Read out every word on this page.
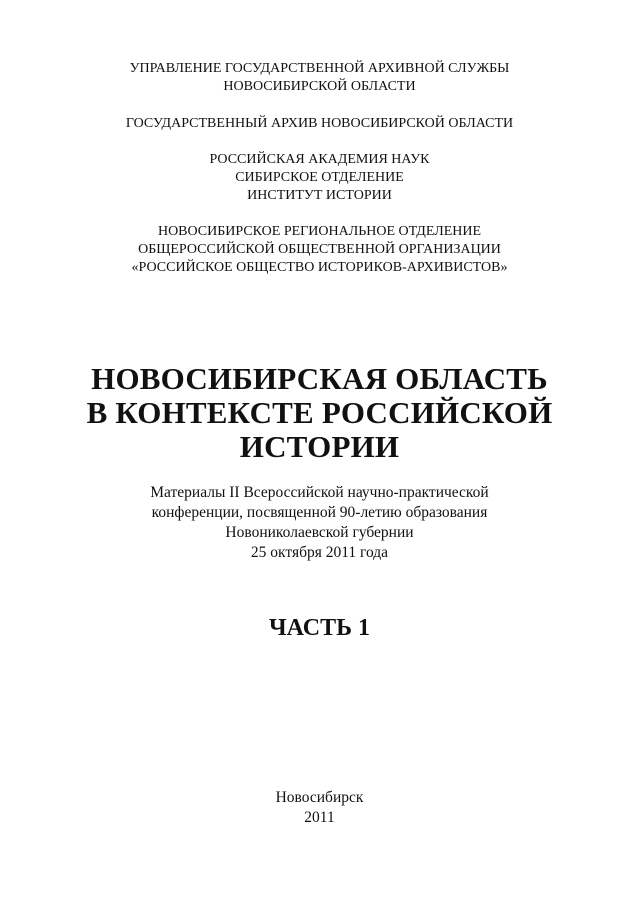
УПРАВЛЕНИЕ ГОСУДАРСТВЕННОЙ АРХИВНОЙ СЛУЖБЫ
НОВОСИБИРСКОЙ ОБЛАСТИ
ГОСУДАРСТВЕННЫЙ АРХИВ НОВОСИБИРСКОЙ ОБЛАСТИ
РОССИЙСКАЯ АКАДЕМИЯ НАУК
СИБИРСКОЕ ОТДЕЛЕНИЕ
ИНСТИТУТ ИСТОРИИ
НОВОСИБИРСКОЕ РЕГИОНАЛЬНОЕ ОТДЕЛЕНИЕ
ОБЩЕРОССИЙСКОЙ ОБЩЕСТВЕННОЙ ОРГАНИЗАЦИИ
«РОССИЙСКОЕ ОБЩЕСТВО ИСТОРИКОВ-АРХИВИСТОВ»
НОВОСИБИРСКАЯ ОБЛАСТЬ
В КОНТЕКСТЕ РОССИЙСКОЙ
ИСТОРИИ
Материалы II Всероссийской научно-практической
конференции, посвященной 90-летию образования
Новониколаевской губернии
25 октября 2011 года
ЧАСТЬ 1
Новосибирск
2011
